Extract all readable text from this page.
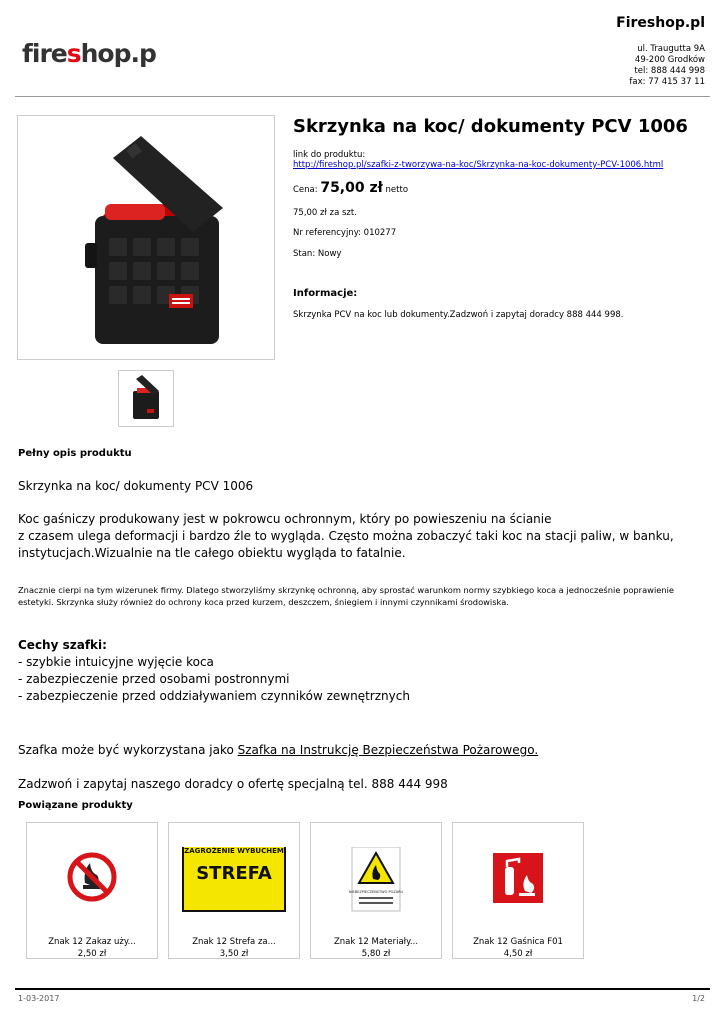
fireshop.pl
Fireshop.pl
ul. Traugutta 9A
49-200 Grodków
tel: 888 444 998
fax: 77 415 37 11
Skrzynka na koc/ dokumenty PCV 1006
link do produktu:
http://fireshop.pl/szafki-z-tworzywa-na-koc/Skrzynka-na-koc-dokumenty-PCV-1006.html
Cena: 75,00 zł netto
75,00 zł za szt.
Nr referencyjny: 010277
Stan: Nowy
Informacje:
Skrzynka PCV na koc lub dokumenty.Zadzwoń i zapytaj doradcy 888 444 998.
Pełny opis produktu
Skrzynka na koc/ dokumenty PCV 1006
Koc gaśniczy produkowany jest w pokrowcu ochronnym, który po powieszeniu na ścianie
z czasem ulega deformacji i bardzo źle to wygląda. Często można zobaczyć taki koc na stacji paliw, w banku,
instytucjach.Wizualnie na tle całego obiektu wygląda to fatalnie.
Znacznie cierpi na tym wizerunek firmy. Dlatego stworzyliśmy skrzynkę ochronną, aby sprostać warunkom normy szybkiego koca a jednocześnie poprawienie
estetyki. Skrzynka służy również do ochrony koca przed kurzem, deszczem, śniegiem i innymi czynnikami środowiska.
Cechy szafki:
- szybkie intuicyjne wyjęcie koca
- zabezpieczenie przed osobami postronnymi
- zabezpieczenie przed oddziaływaniem czynników zewnętrznych
Szafka może być wykorzystana jako Szafka na Instrukcję Bezpieczeństwa Pożarowego.
Zadzwoń i zapytaj naszego doradcy o ofertę specjalną tel. 888 444 998
Powiązane produkty
Znak 12 Zakaz uży...
2,50 zł
ZAGROŻENIE WYBUCHEM
STREFA
Znak 12 Strefa za...
3,50 zł
NIEBEZPIECZEŃSTWO POŻARU
Znak 12 Materiały...
5,80 zł
Znak 12 Gaśnica F01
4,50 zł
1-03-2017	1/2
